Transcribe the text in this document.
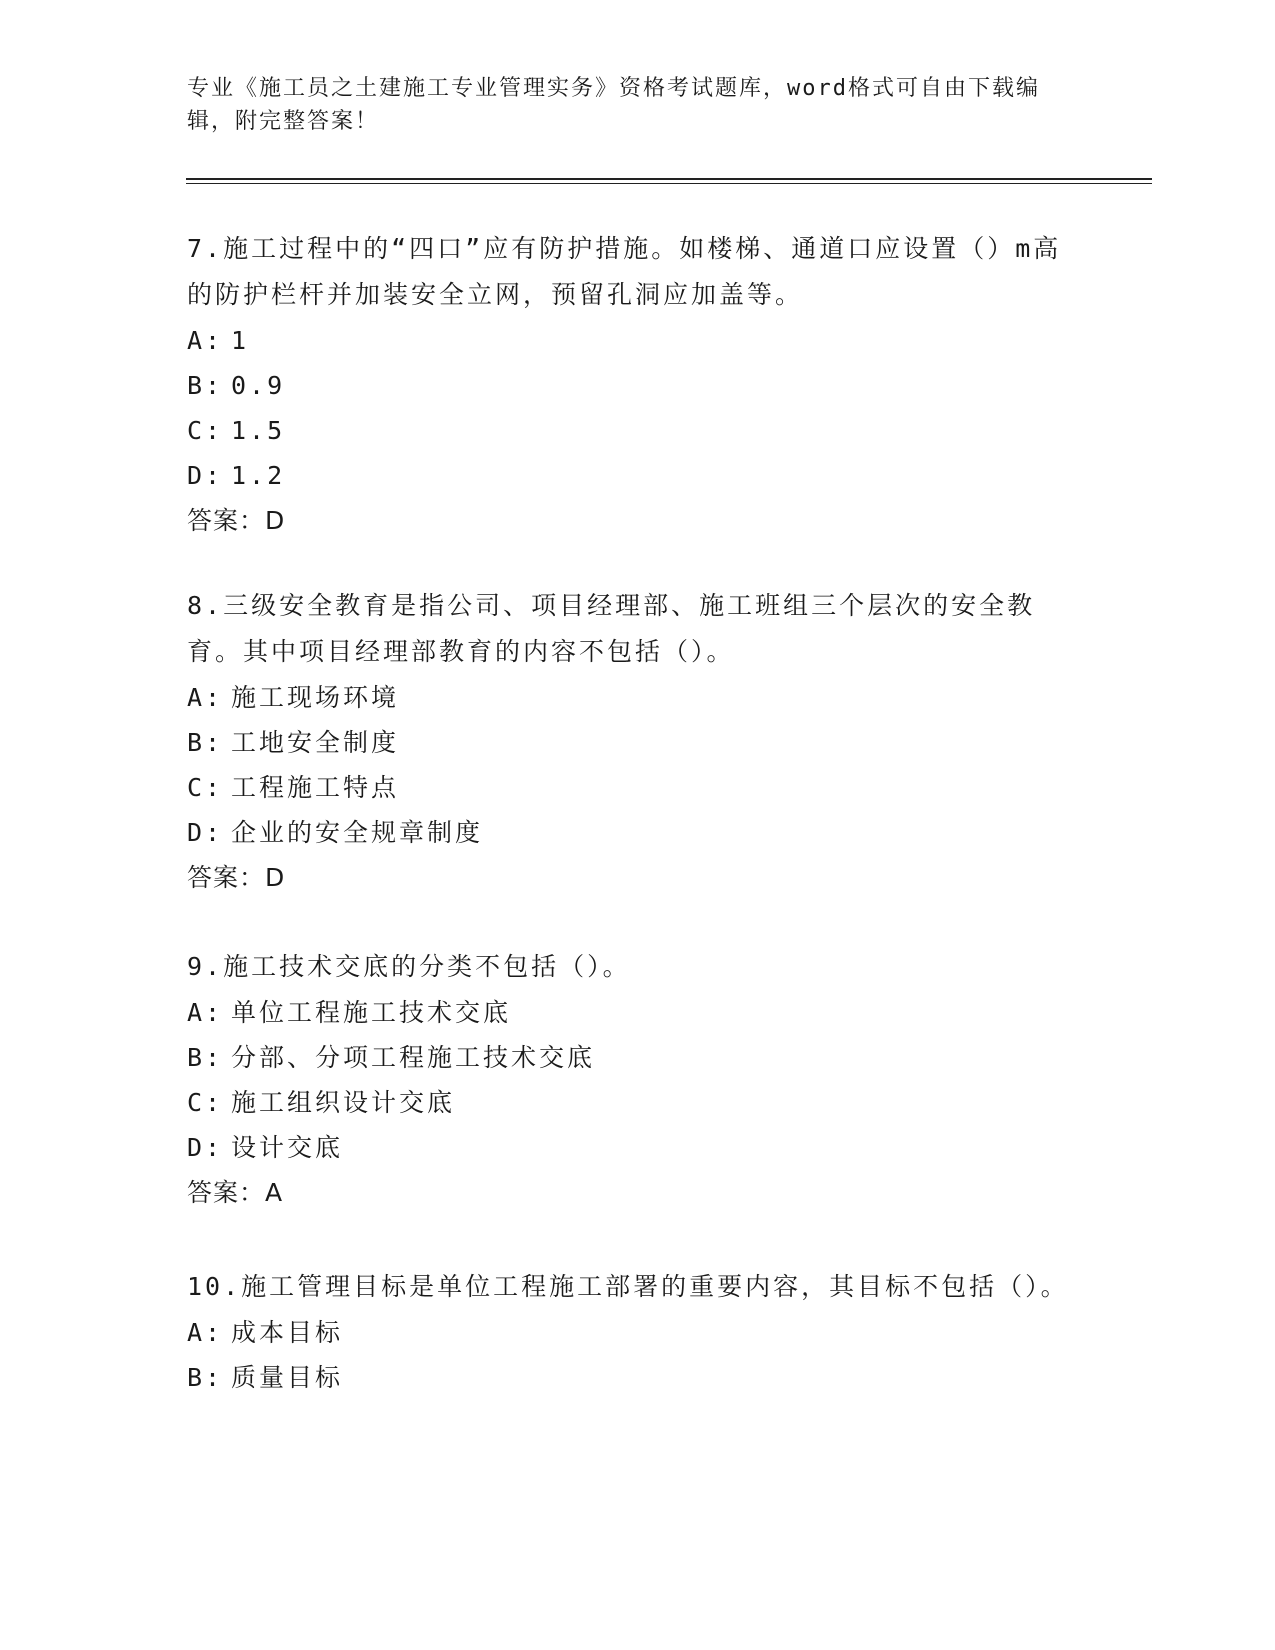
专业《施工员之土建施工专业管理实务》资格考试题库，word格式可自由下载编辑，附完整答案！
7.施工过程中的“四口”应有防护措施。如楼梯、通道口应设置（）m高的防护栏杆并加装安全立网，预留孔洞应加盖等。
A: 1
B: 0.9
C: 1.5
D: 1.2
答案：D
8.三级安全教育是指公司、项目经理部、施工班组三个层次的安全教育。其中项目经理部教育的内容不包括（）。
A: 施工现场环境
B: 工地安全制度
C: 工程施工特点
D: 企业的安全规章制度
答案：D
9.施工技术交底的分类不包括（）。
A: 单位工程施工技术交底
B: 分部、分项工程施工技术交底
C: 施工组织设计交底
D: 设计交底
答案：A
10.施工管理目标是单位工程施工部署的重要内容，其目标不包括（）。
A: 成本目标
B: 质量目标
